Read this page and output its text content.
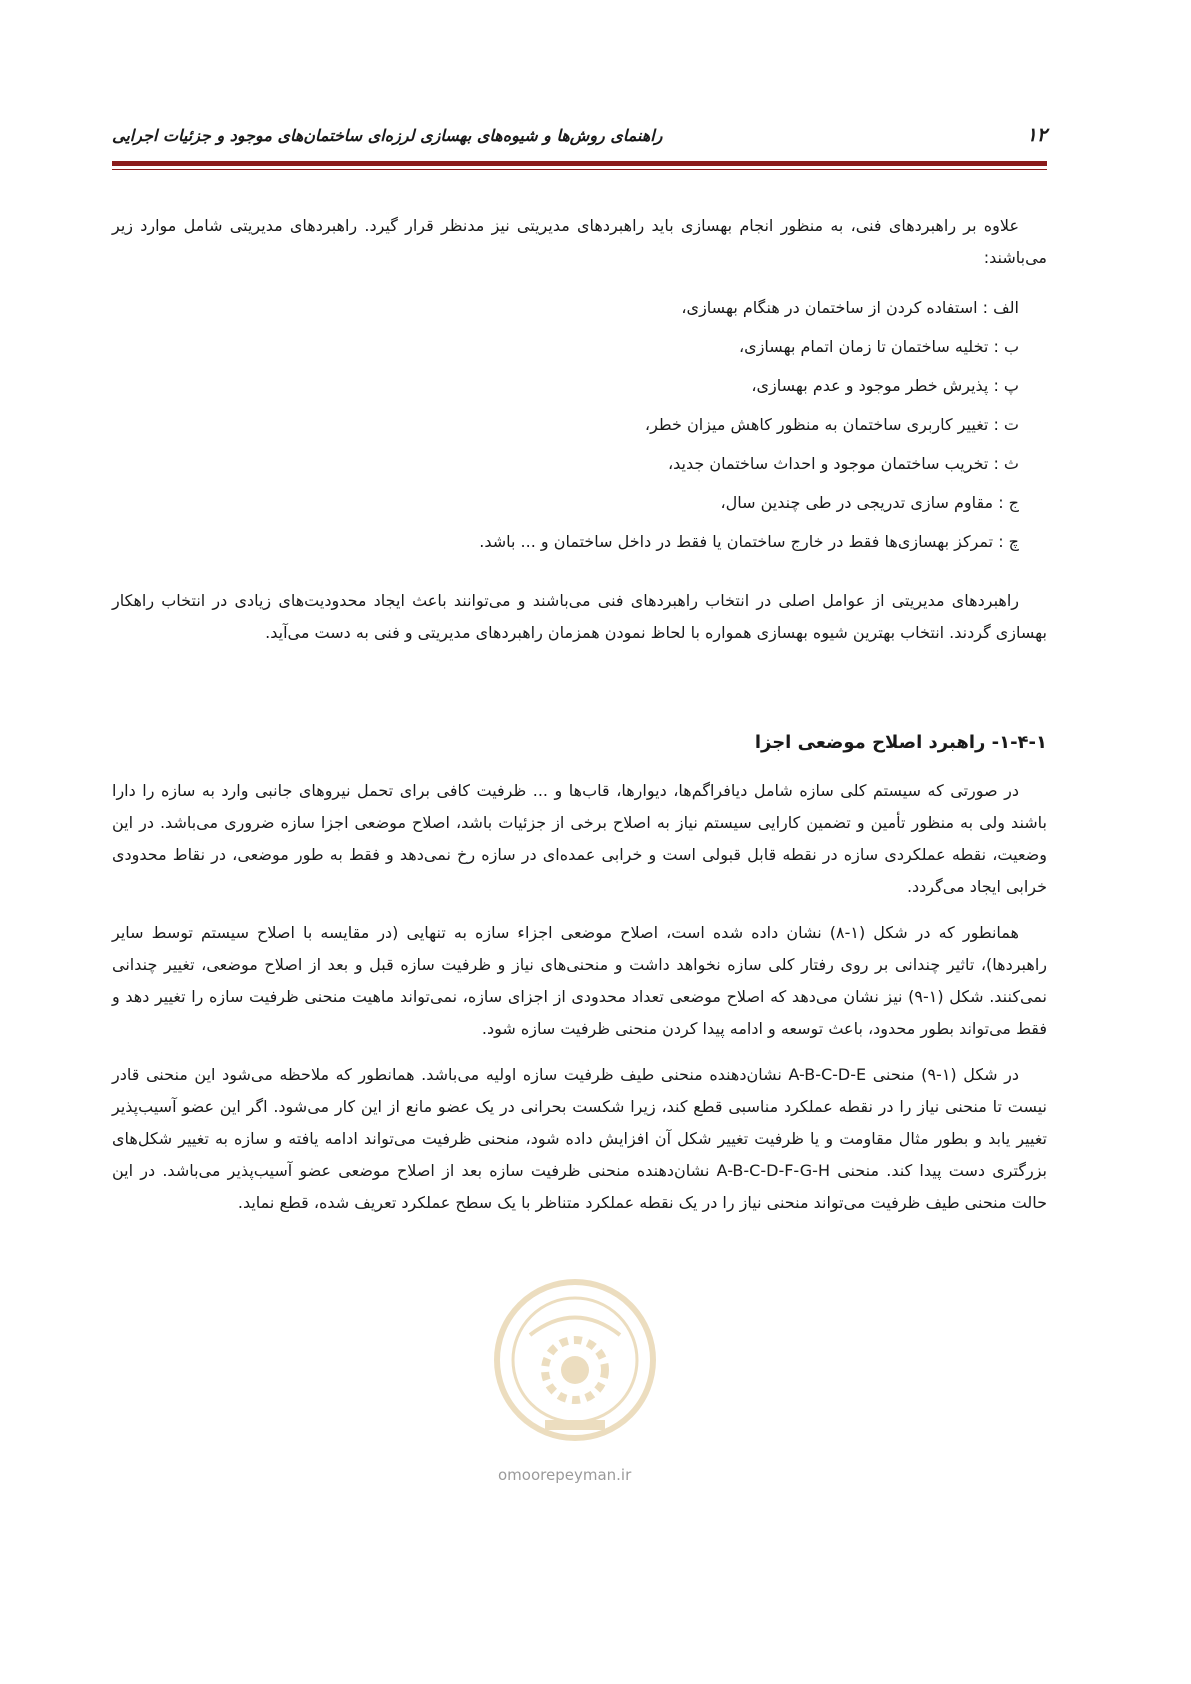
۱۲
راهنمای روش‌ها و شیوه‌های بهسازی لرزه‌ای ساختمان‌های موجود و جزئیات اجرایی

علاوه بر راهبردهای فنی، به منظور انجام بهسازی باید راهبردهای مدیریتی نیز مدنظر قرار گیرد. راهبردهای مدیریتی شامل موارد زیر می‌باشند:

الف : استفاده کردن از ساختمان در هنگام بهسازی،
ب : تخلیه ساختمان تا زمان اتمام بهسازی،
پ : پذیرش خطر موجود و عدم بهسازی،
ت : تغییر کاربری ساختمان به منظور کاهش میزان خطر،
ث : تخریب ساختمان موجود و احداث ساختمان جدید،
ج : مقاوم سازی تدریجی در طی چندین سال،
چ : تمرکز بهسازی‌ها فقط در خارج ساختمان یا فقط در داخل ساختمان و ... باشد.

راهبردهای مدیریتی از عوامل اصلی در انتخاب راهبردهای فنی می‌باشند و می‌توانند باعث ایجاد محدودیت‌های زیادی در انتخاب راهکار بهسازی گردند. انتخاب بهترین شیوه بهسازی همواره با لحاظ نمودن همزمان راهبردهای مدیریتی و فنی به دست می‌آید.

۱-۴-۱- راهبرد اصلاح موضعی اجزا

در صورتی که سیستم کلی سازه شامل دیافراگم‌ها، دیوارها، قاب‌ها و ... ظرفیت کافی برای تحمل نیروهای جانبی وارد به سازه را دارا باشند ولی به منظور تأمین و تضمین کارایی سیستم نیاز به اصلاح برخی از جزئیات باشد، اصلاح موضعی اجزا سازه ضروری می‌باشد. در این وضعیت، نقطه عملکردی سازه در نقطه قابل قبولی است و خرابی عمده‌ای در سازه رخ نمی‌دهد و فقط به طور موضعی، در نقاط محدودی خرابی ایجاد می‌گردد.

همانطور که در شکل (۱-۸) نشان داده شده است، اصلاح موضعی اجزاء سازه به تنهایی (در مقایسه با اصلاح سیستم توسط سایر راهبردها)، تاثیر چندانی بر روی رفتار کلی سازه نخواهد داشت و منحنی‌های نیاز و ظرفیت سازه قبل و بعد از اصلاح موضعی، تغییر چندانی نمی‌کنند. شکل (۱-۹) نیز نشان می‌دهد که اصلاح موضعی تعداد محدودی از اجزای سازه، نمی‌تواند ماهیت منحنی ظرفیت سازه را تغییر دهد و فقط می‌تواند بطور محدود، باعث توسعه و ادامه پیدا کردن منحنی ظرفیت سازه شود.

در شکل (۱-۹) منحنی A-B-C-D-E نشان‌دهنده منحنی طیف ظرفیت سازه اولیه می‌باشد. همانطور که ملاحظه می‌شود این منحنی قادر نیست تا منحنی نیاز را در نقطه عملکرد مناسبی قطع کند، زیرا شکست بحرانی در یک عضو مانع از این کار می‌شود. اگر این عضو آسیب‌پذیر تغییر یابد و بطور مثال مقاومت و یا ظرفیت تغییر شکل آن افزایش داده شود، منحنی ظرفیت می‌تواند ادامه یافته و سازه به تغییر شکل‌های بزرگتری دست پیدا کند. منحنی A-B-C-D-F-G-H نشان‌دهنده منحنی ظرفیت سازه بعد از اصلاح موضعی عضو آسیب‌پذیر می‌باشد. در این حالت منحنی طیف ظرفیت می‌تواند منحنی نیاز را در یک نقطه عملکرد متناظر با یک سطح عملکرد تعریف شده، قطع نماید.

omoorepeyman.ir
